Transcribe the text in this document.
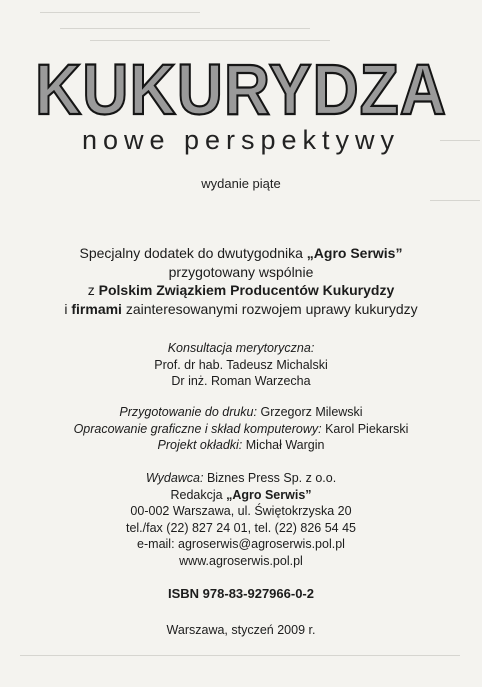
KUKURYDZA
nowe perspektywy
wydanie piąte
Specjalny dodatek do dwutygodnika „Agro Serwis”
przygotowany wspólnie
z Polskim Związkiem Producentów Kukurydzy
i firmami zainteresowanymi rozwojem uprawy kukurydzy
Konsultacja merytoryczna:
Prof. dr hab. Tadeusz Michalski
Dr inż. Roman Warzecha
Przygotowanie do druku: Grzegorz Milewski
Opracowanie graficzne i skład komputerowy: Karol Piekarski
Projekt okładki: Michał Wargin
Wydawca: Biznes Press Sp. z o.o.
Redakcja „Agro Serwis”
00-002 Warszawa, ul. Świętokrzyska 20
tel./fax (22) 827 24 01, tel. (22) 826 54 45
e-mail: agroserwis@agroserwis.pol.pl
www.agroserwis.pol.pl
ISBN 978-83-927966-0-2
Warszawa, styczeń 2009 r.
